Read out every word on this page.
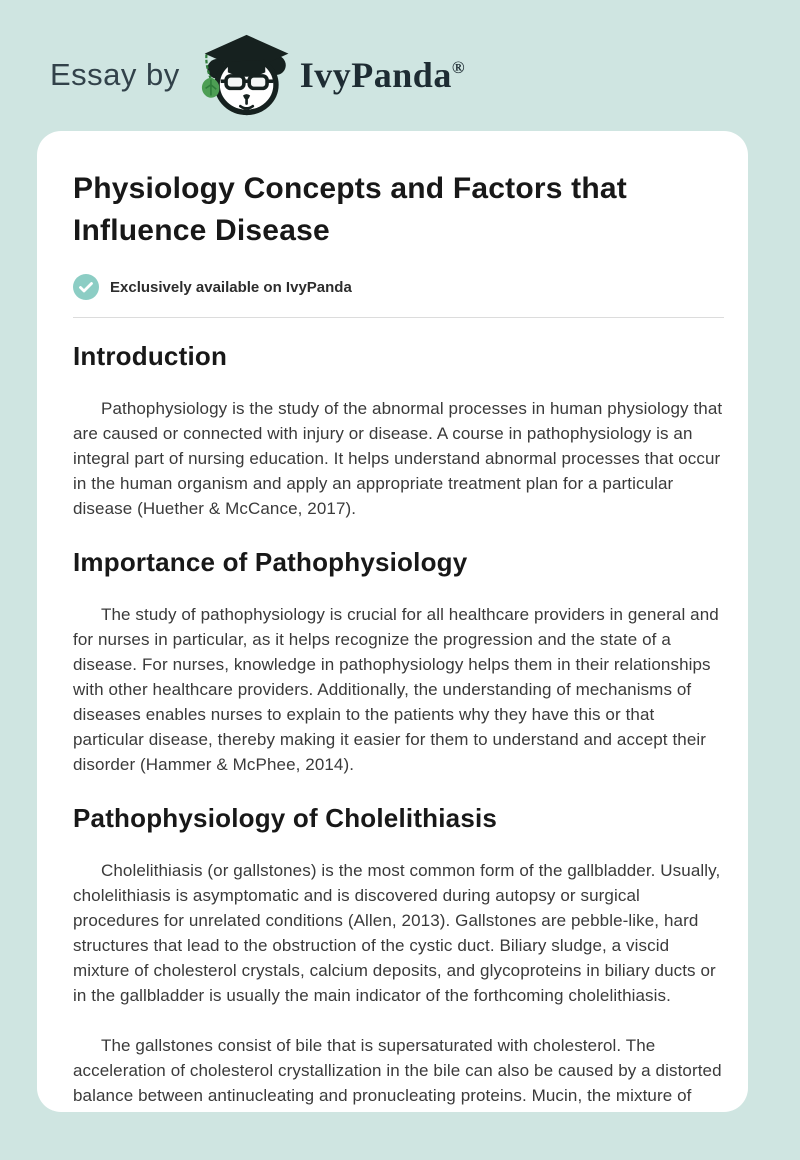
Essay by	IvyPanda®
Physiology Concepts and Factors that Influence Disease
Exclusively available on IvyPanda
Introduction

Pathophysiology is the study of the abnormal processes in human physiology that are caused or connected with injury or disease. A course in pathophysiology is an integral part of nursing education. It helps understand abnormal processes that occur in the human organism and apply an appropriate treatment plan for a particular disease (Huether & McCance, 2017).

Importance of Pathophysiology

The study of pathophysiology is crucial for all healthcare providers in general and for nurses in particular, as it helps recognize the progression and the state of a disease. For nurses, knowledge in pathophysiology helps them in their relationships with other healthcare providers. Additionally, the understanding of mechanisms of diseases enables nurses to explain to the patients why they have this or that particular disease, thereby making it easier for them to understand and accept their disorder (Hammer & McPhee, 2014).

Pathophysiology of Cholelithiasis

Cholelithiasis (or gallstones) is the most common form of the gallbladder. Usually, cholelithiasis is asymptomatic and is discovered during autopsy or surgical procedures for unrelated conditions (Allen, 2013). Gallstones are pebble-like, hard structures that lead to the obstruction of the cystic duct. Biliary sludge, a viscid mixture of cholesterol crystals, calcium deposits, and glycoproteins in biliary ducts or in the gallbladder is usually the main indicator of the forthcoming cholelithiasis.

The gallstones consist of bile that is supersaturated with cholesterol. The acceleration of cholesterol crystallization in the bile can also be caused by a distorted balance between antinucleating and pronucleating proteins. Mucin, the mixture of
